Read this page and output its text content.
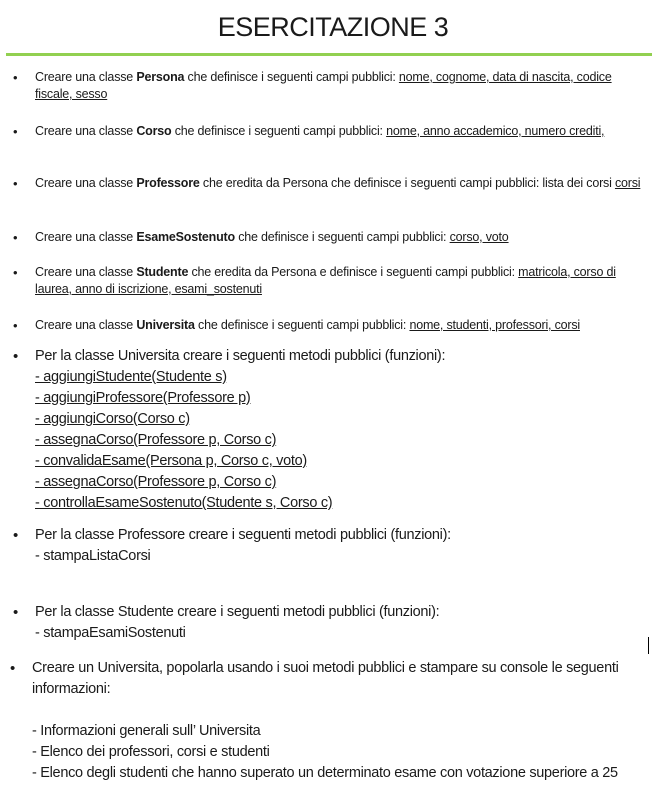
ESERCITAZIONE 3
• Creare una classe Persona che definisce i seguenti campi pubblici: nome, cognome, data di nascita, codice fiscale, sesso
• Creare una classe Corso che definisce i seguenti campi pubblici: nome, anno accademico, numero crediti,
• Creare una classe Professore che eredita da Persona che definisce i seguenti campi pubblici: lista dei corsi corsi
• Creare una classe EsameSostenuto che definisce i seguenti campi pubblici: corso, voto
• Creare una classe Studente che eredita da Persona e definisce i seguenti campi pubblici: matricola, corso di laurea, anno di iscrizione, esami_sostenuti
• Creare una classe Universita che definisce i seguenti campi pubblici: nome, studenti, professori, corsi
• Per la classe Universita creare i seguenti metodi pubblici (funzioni):
- aggiungiStudente(Studente s)
- aggiungiProfessore(Professore p)
- aggiungiCorso(Corso c)
- assegnaCorso(Professore p, Corso c)
- convalidaEsame(Persona p, Corso c, voto)
- assegnaCorso(Professore p, Corso c)
- controllaEsameSostenuto(Studente s, Corso c)
• Per la classe Professore creare i seguenti metodi pubblici (funzioni):
- stampaListaCorsi
• Per la classe Studente creare i seguenti metodi pubblici (funzioni):
- stampaEsamiSostenuti
• Creare un Universita, popolarla usando i suoi metodi pubblici e stampare su console le seguenti informazioni:
- Informazioni generali sull’ Universita
- Elenco dei professori, corsi e studenti
- Elenco degli studenti che hanno superato un determinato esame con votazione superiore a 25
